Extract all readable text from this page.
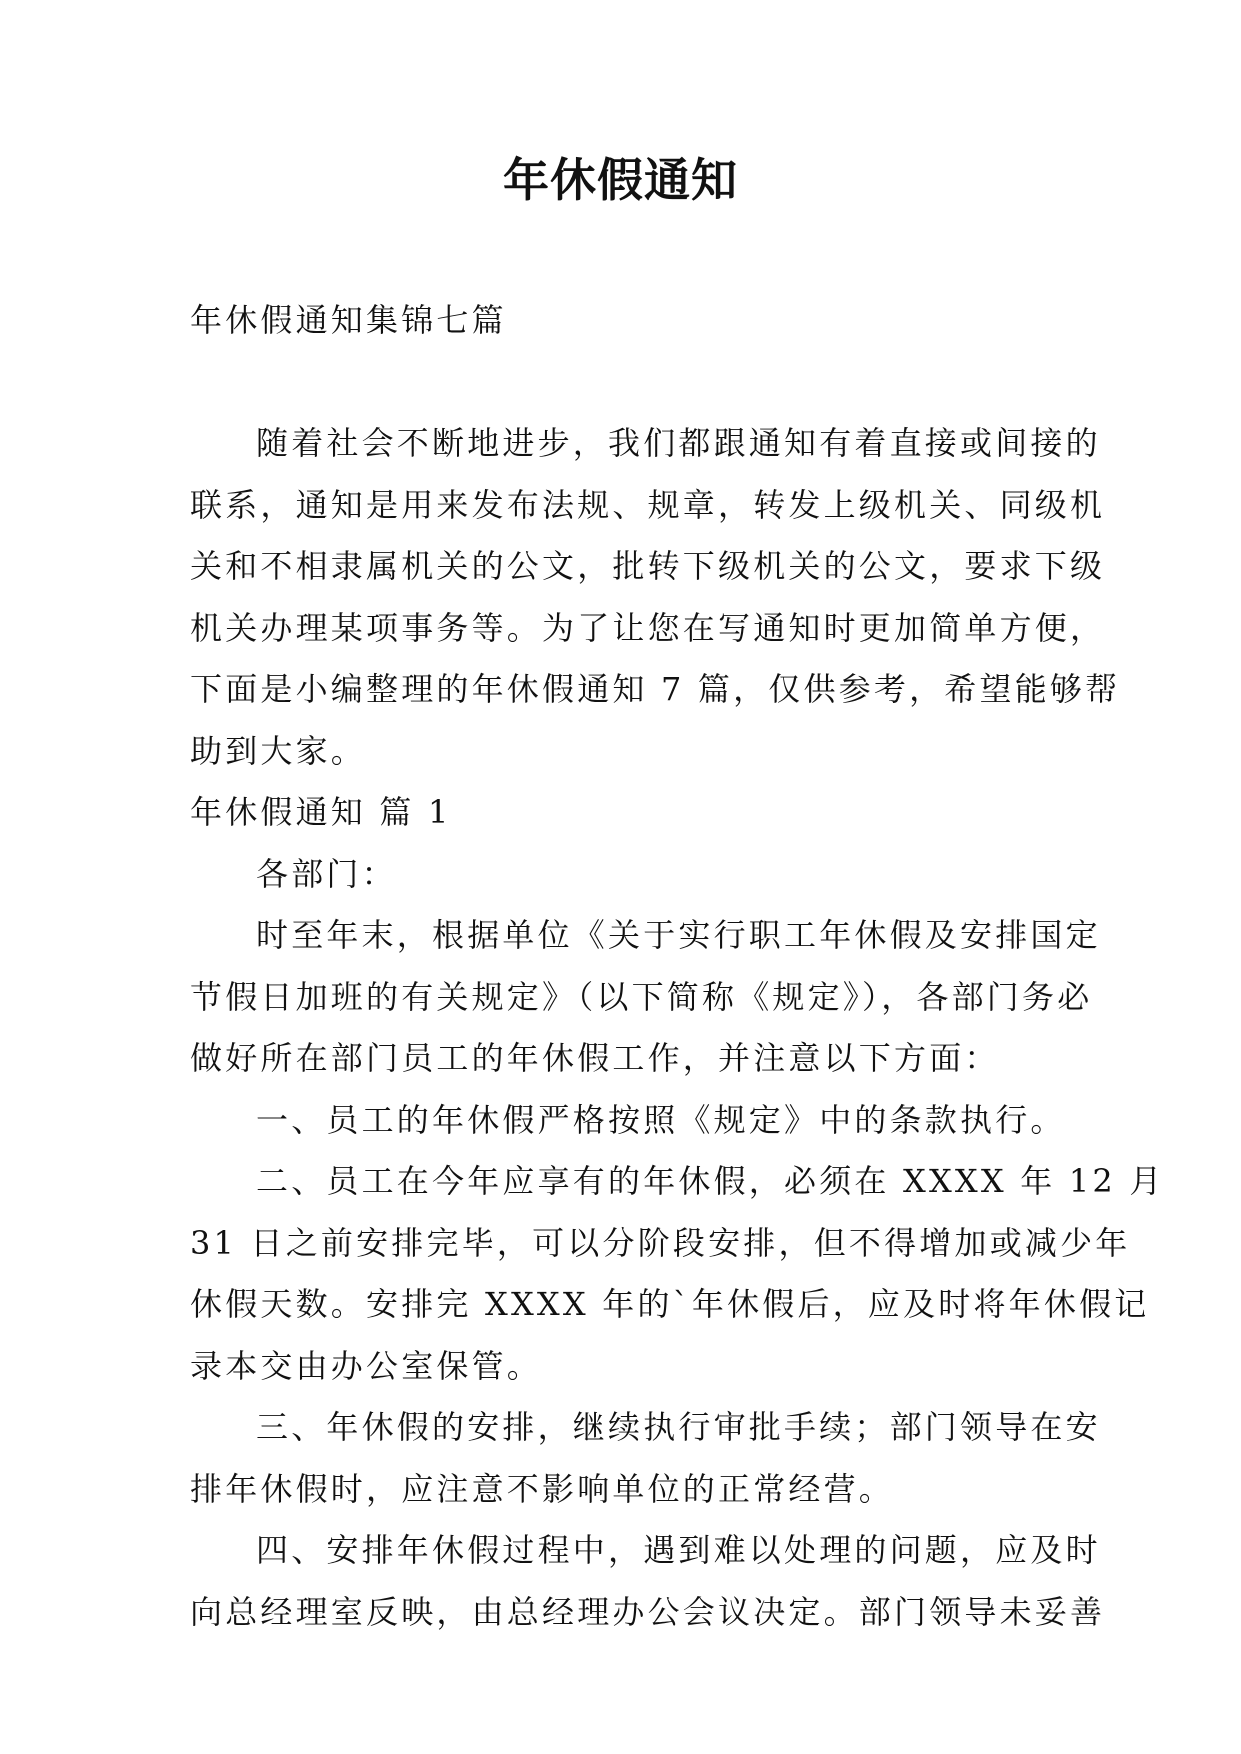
年休假通知
年休假通知集锦七篇
随着社会不断地进步，我们都跟通知有着直接或间接的
联系，通知是用来发布法规、规章，转发上级机关、同级机
关和不相隶属机关的公文，批转下级机关的公文，要求下级
机关办理某项事务等。为了让您在写通知时更加简单方便，
下面是小编整理的年休假通知 7 篇，仅供参考，希望能够帮
助到大家。
年休假通知 篇 1
各部门：
时至年末，根据单位《关于实行职工年休假及安排国定
节假日加班的有关规定》（以下简称《规定》），各部门务必
做好所在部门员工的年休假工作，并注意以下方面：
一、员工的年休假严格按照《规定》中的条款执行。
二、员工在今年应享有的年休假，必须在 XXXX 年 12 月
31 日之前安排完毕，可以分阶段安排，但不得增加或减少年
休假天数。安排完 XXXX 年的`年休假后，应及时将年休假记
录本交由办公室保管。
三、年休假的安排，继续执行审批手续；部门领导在安
排年休假时，应注意不影响单位的正常经营。
四、安排年休假过程中，遇到难以处理的问题，应及时
向总经理室反映，由总经理办公会议决定。部门领导未妥善
